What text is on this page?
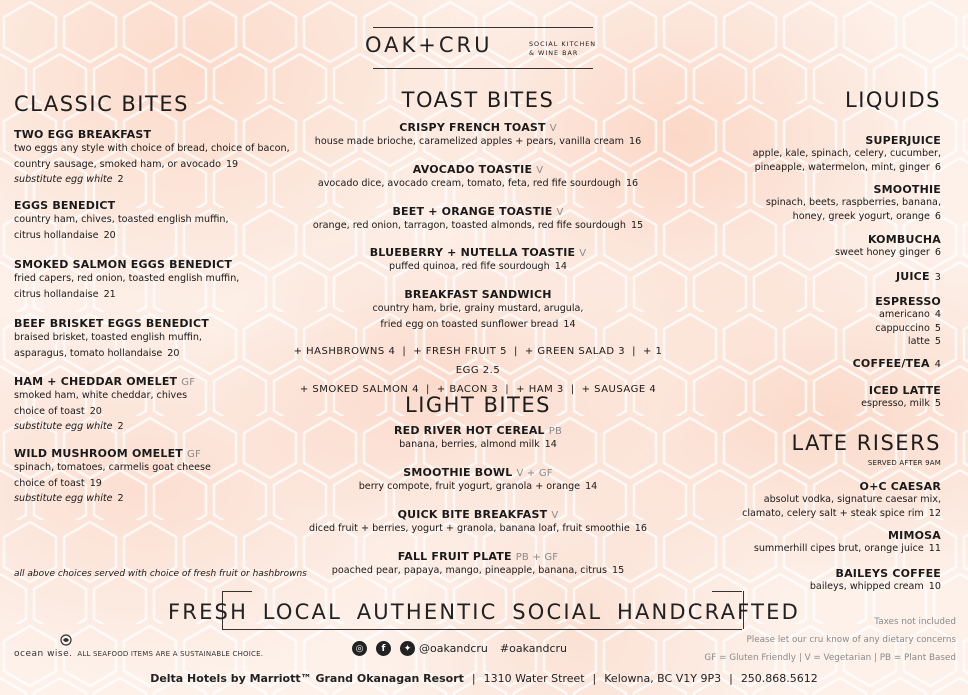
OAK+CRU	SOCIAL KITCHEN
& WINE BAR
CLASSIC BITES
TWO EGG BREAKFAST
two eggs any style with choice of bread, choice of bacon,
country sausage, smoked ham, or avocado 19
substitute egg white 2
EGGS BENEDICT
country ham, chives, toasted english muffin,
citrus hollandaise 20
SMOKED SALMON EGGS BENEDICT
fried capers, red onion, toasted english muffin,
citrus hollandaise 21
BEEF BRISKET EGGS BENEDICT
braised brisket, toasted english muffin,
asparagus, tomato hollandaise 20
HAM + CHEDDAR OMELET GF
smoked ham, white cheddar, chives
choice of toast 20
substitute egg white 2
WILD MUSHROOM OMELET GF
spinach, tomatoes, carmelis goat cheese
choice of toast 19
substitute egg white 2
all above choices served with choice of fresh fruit or hashbrowns
TOAST BITES
CRISPY FRENCH TOAST V
house made brioche, caramelized apples + pears, vanilla cream 16
AVOCADO TOASTIE V
avocado dice, avocado cream, tomato, feta, red fife sourdough 16
BEET + ORANGE TOASTIE V
orange, red onion, tarragon, toasted almonds, red fife sourdough 15
BLUEBERRY + NUTELLA TOASTIE V
puffed quinoa, red fife sourdough 14
BREAKFAST SANDWICH
country ham, brie, grainy mustard, arugula,
fried egg on toasted sunflower bread 14
+ HASHBROWNS 4 | + FRESH FRUIT 5 | + GREEN SALAD 3 | + 1 EGG 2.5
+ SMOKED SALMON 4 | + BACON 3 | + HAM 3 | + SAUSAGE 4
LIGHT BITES
RED RIVER HOT CEREAL PB
banana, berries, almond milk 14
SMOOTHIE BOWL V + GF
berry compote, fruit yogurt, granola + orange 14
QUICK BITE BREAKFAST V
diced fruit + berries, yogurt + granola, banana loaf, fruit smoothie 16
FALL FRUIT PLATE PB + GF
poached pear, papaya, mango, pineapple, banana, citrus 15
LIQUIDS
SUPERJUICE
apple, kale, spinach, celery, cucumber,
pineapple, watermelon, mint, ginger 6
SMOOTHIE
spinach, beets, raspberries, banana,
honey, greek yogurt, orange 6
KOMBUCHA
sweet honey ginger 6
JUICE 3
ESPRESSO
americano 4
cappuccino 5
latte 5
COFFEE/TEA 4
ICED LATTE
espresso, milk 5
LATE RISERS
SERVED AFTER 9AM
O+C CAESAR
absolut vodka, signature caesar mix,
clamato, celery salt + steak spice rim 12
MIMOSA
summerhill cipes brut, orange juice 11
BAILEYS COFFEE
baileys, whipped cream 10
FRESH LOCAL AUTHENTIC SOCIAL HANDCRAFTED
ocean wise. ALL SEAFOOD ITEMS ARE A SUSTAINABLE CHOICE.
◎	f	✦ @oakandcru #oakandcru
Taxes not included
Please let our cru know of any dietary concerns
GF = Gluten Friendly | V = Vegetarian | PB = Plant Based
Delta Hotels by Marriott™ Grand Okanagan Resort | 1310 Water Street | Kelowna, BC V1Y 9P3 | 250.868.5612
